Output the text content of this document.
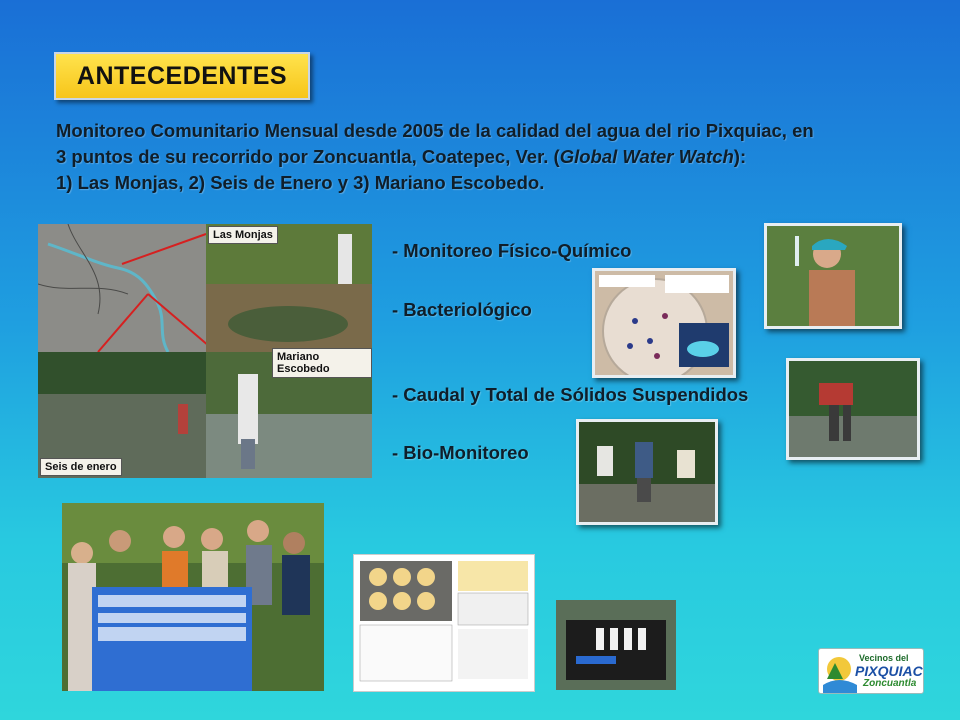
ANTECEDENTES
Monitoreo Comunitario Mensual desde 2005 de la calidad del agua del rio Pixquiac, en
3 puntos de su recorrido por Zoncuantla, Coatepec, Ver. (Global Water Watch):
1) Las Monjas, 2) Seis de Enero y 3) Mariano Escobedo.
Las Monjas
Mariano Escobedo
Seis de enero
- Monitoreo Físico-Químico
- Bacteriológico
- Caudal y Total de Sólidos Suspendidos
- Bio-Monitoreo
Vecinos del
PIXQUIAC
Zoncuantla
